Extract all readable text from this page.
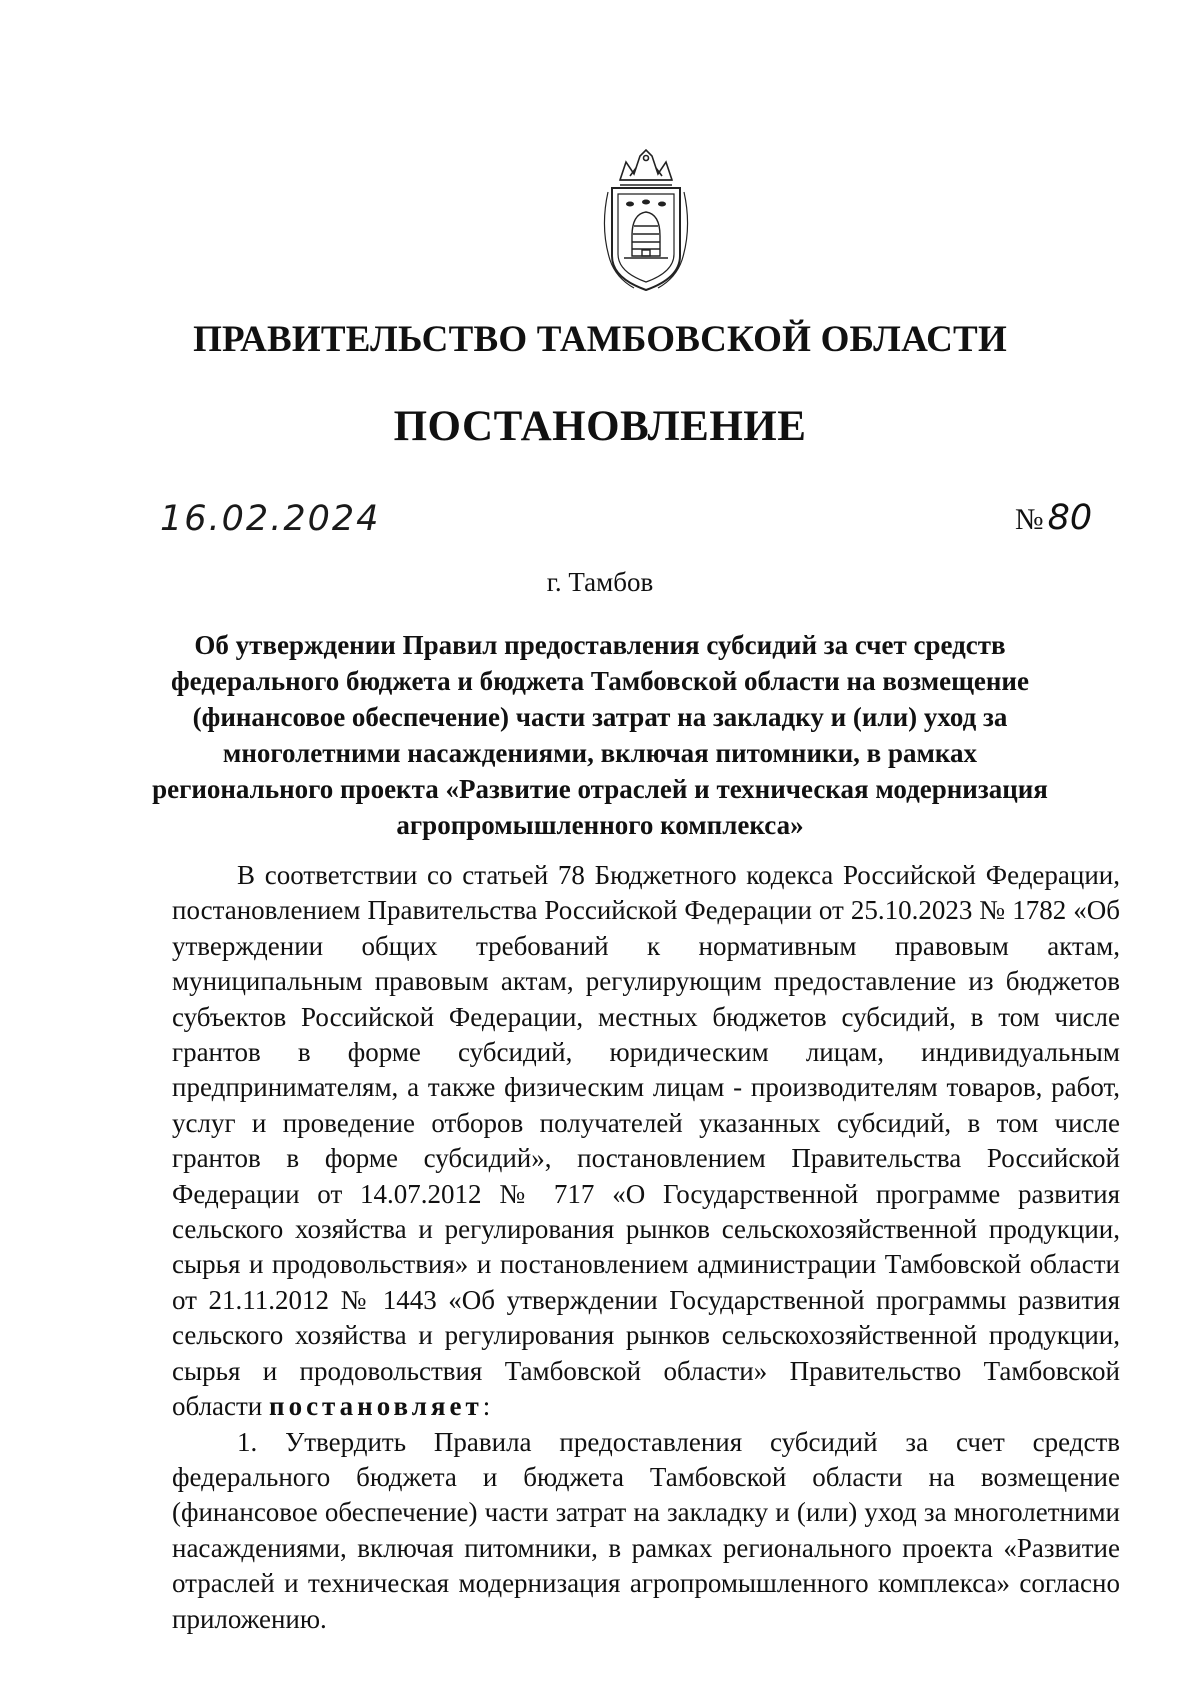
ПРАВИТЕЛЬСТВО ТАМБОВСКОЙ ОБЛАСТИ
ПОСТАНОВЛЕНИЕ
16.02.2024	№ 80
г. Тамбов
Об утверждении Правил предоставления субсидий за счет средств федерального бюджета и бюджета Тамбовской области на возмещение (финансовое обеспечение) части затрат на закладку и (или) уход за многолетними насаждениями, включая питомники, в рамках регионального проекта «Развитие отраслей и техническая модернизация агропромышленного комплекса»

В соответствии со статьей 78 Бюджетного кодекса Российской Федерации, постановлением Правительства Российской Федерации от 25.10.2023 № 1782 «Об утверждении общих требований к нормативным правовым актам, муниципальным правовым актам, регулирующим предоставление из бюджетов субъектов Российской Федерации, местных бюджетов субсидий, в том числе грантов в форме субсидий, юридическим лицам, индивидуальным предпринимателям, а также физическим лицам - производителям товаров, работ, услуг и проведение отборов получателей указанных субсидий, в том числе грантов в форме субсидий», постановлением Правительства Российской Федерации от 14.07.2012 № 717 «О Государственной программе развития сельского хозяйства и регулирования рынков сельскохозяйственной продукции, сырья и продовольствия» и постановлением администрации Тамбовской области от 21.11.2012 № 1443 «Об утверждении Государственной программы развития сельского хозяйства и регулирования рынков сельскохозяйственной продукции, сырья и продовольствия Тамбовской области» Правительство Тамбовской области постановляет:

1. Утвердить Правила предоставления субсидий за счет средств федерального бюджета и бюджета Тамбовской области на возмещение (финансовое обеспечение) части затрат на закладку и (или) уход за многолетними насаждениями, включая питомники, в рамках регионального проекта «Развитие отраслей и техническая модернизация агропромышленного комплекса» согласно приложению.
